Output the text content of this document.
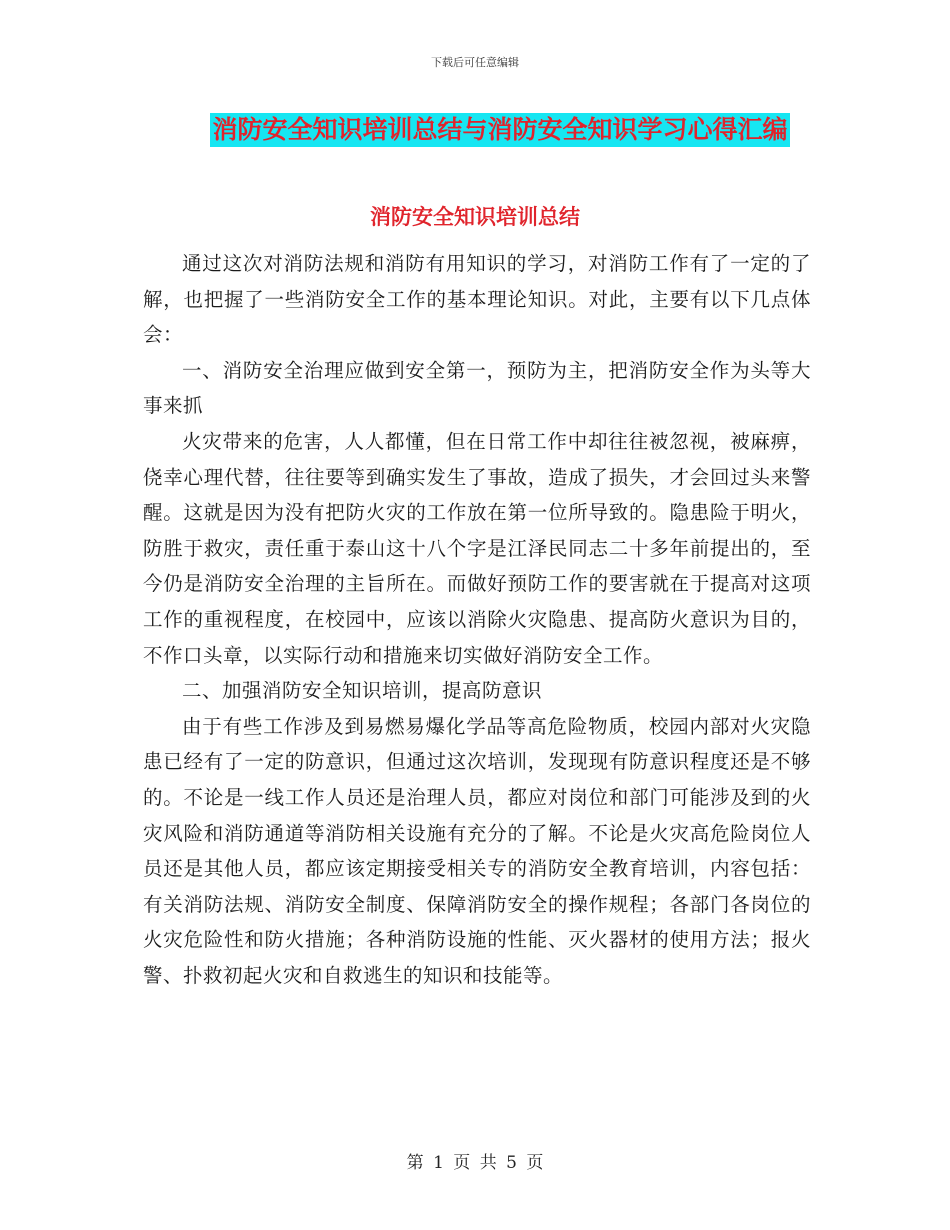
下载后可任意编辑
消防安全知识培训总结与消防安全知识学习心得汇编
消防安全知识培训总结

通过这次对消防法规和消防有用知识的学习，对消防工作有了一定的了解，也把握了一些消防安全工作的基本理论知识。对此，主要有以下几点体会：

一、消防安全治理应做到安全第一，预防为主，把消防安全作为头等大事来抓

火灾带来的危害，人人都懂，但在日常工作中却往往被忽视，被麻痹，侥幸心理代替，往往要等到确实发生了事故，造成了损失，才会回过头来警醒。这就是因为没有把防火灾的工作放在第一位所导致的。隐患险于明火，防胜于救灾，责任重于泰山这十八个字是江泽民同志二十多年前提出的，至今仍是消防安全治理的主旨所在。而做好预防工作的要害就在于提高对这项工作的重视程度，在校园中，应该以消除火灾隐患、提高防火意识为目的，不作口头章，以实际行动和措施来切实做好消防安全工作。

二、加强消防安全知识培训，提高防意识

由于有些工作涉及到易燃易爆化学品等高危险物质，校园内部对火灾隐患已经有了一定的防意识，但通过这次培训，发现现有防意识程度还是不够的。不论是一线工作人员还是治理人员，都应对岗位和部门可能涉及到的火灾风险和消防通道等消防相关设施有充分的了解。不论是火灾高危险岗位人员还是其他人员，都应该定期接受相关专的消防安全教育培训，内容包括：有关消防法规、消防安全制度、保障消防安全的操作规程；各部门各岗位的火灾危险性和防火措施；各种消防设施的性能、灭火器材的使用方法；报火警、扑救初起火灾和自救逃生的知识和技能等。

第 1 页 共 5 页
